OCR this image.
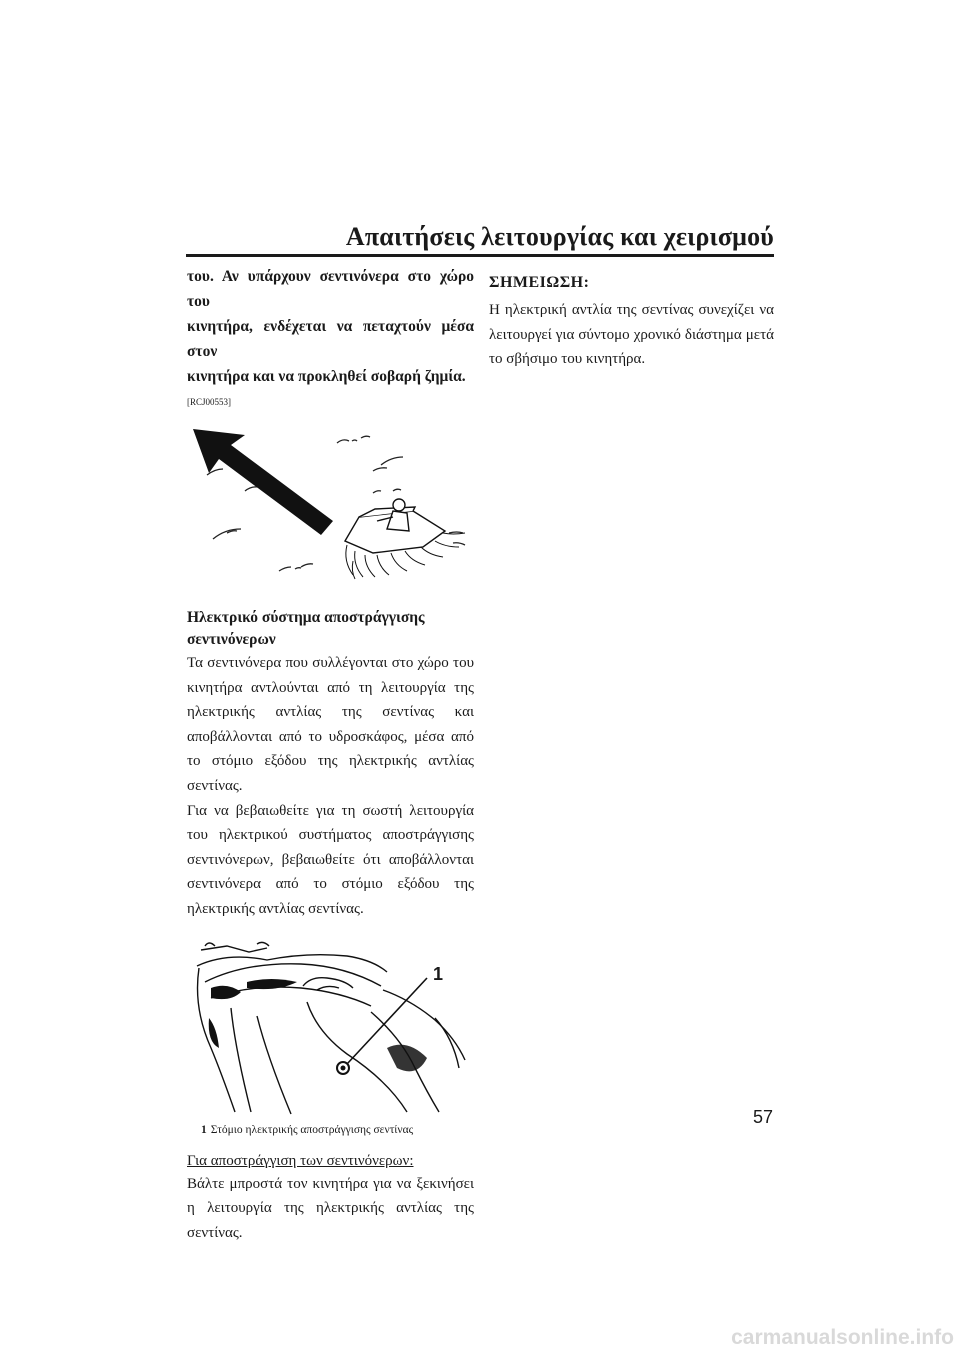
Απαιτήσεις λειτουργίας και χειρισμού

του. Αν υπάρχουν σεντινόνερα στο χώρο του

κινητήρα, ενδέχεται να πεταχτούν μέσα στον

κινητήρα και να προκληθεί σοβαρή ζημία.

[RCJ00553]
Ηλεκτρικό σύστημα αποστράγγισης σεντινόνερων

Τα σεντινόνερα που συλλέγονται στο χώρο του κινητήρα αντλούνται από τη λειτουργία της ηλεκτρικής αντλίας της σεντίνας και αποβάλλονται από το υδροσκάφος, μέσα από το στόμιο εξόδου της ηλεκτρικής αντλίας σεντίνας.

Για να βεβαιωθείτε για τη σωστή λειτουργία του ηλεκτρικού συστήματος αποστράγγισης σεντινόνερων, βεβαιωθείτε ότι αποβάλλονται σεντινόνερα από το στόμιο εξόδου της ηλεκτρικής αντλίας σεντίνας.

1
1 Στόμιο ηλεκτρικής αποστράγγισης σεντίνας
Για αποστράγγιση των σεντινόνερων:

Βάλτε μπροστά τον κινητήρα για να ξεκινήσει η λειτουργία της ηλεκτρικής αντλίας της σεντίνας.

ΣΗΜΕΙΩΣΗ:

Η ηλεκτρική αντλία της σεντίνας συνεχίζει να λειτουργεί για σύντομο χρονικό διάστημα μετά το σβήσιμο του κινητήρα.

57
carmanualsonline.info
